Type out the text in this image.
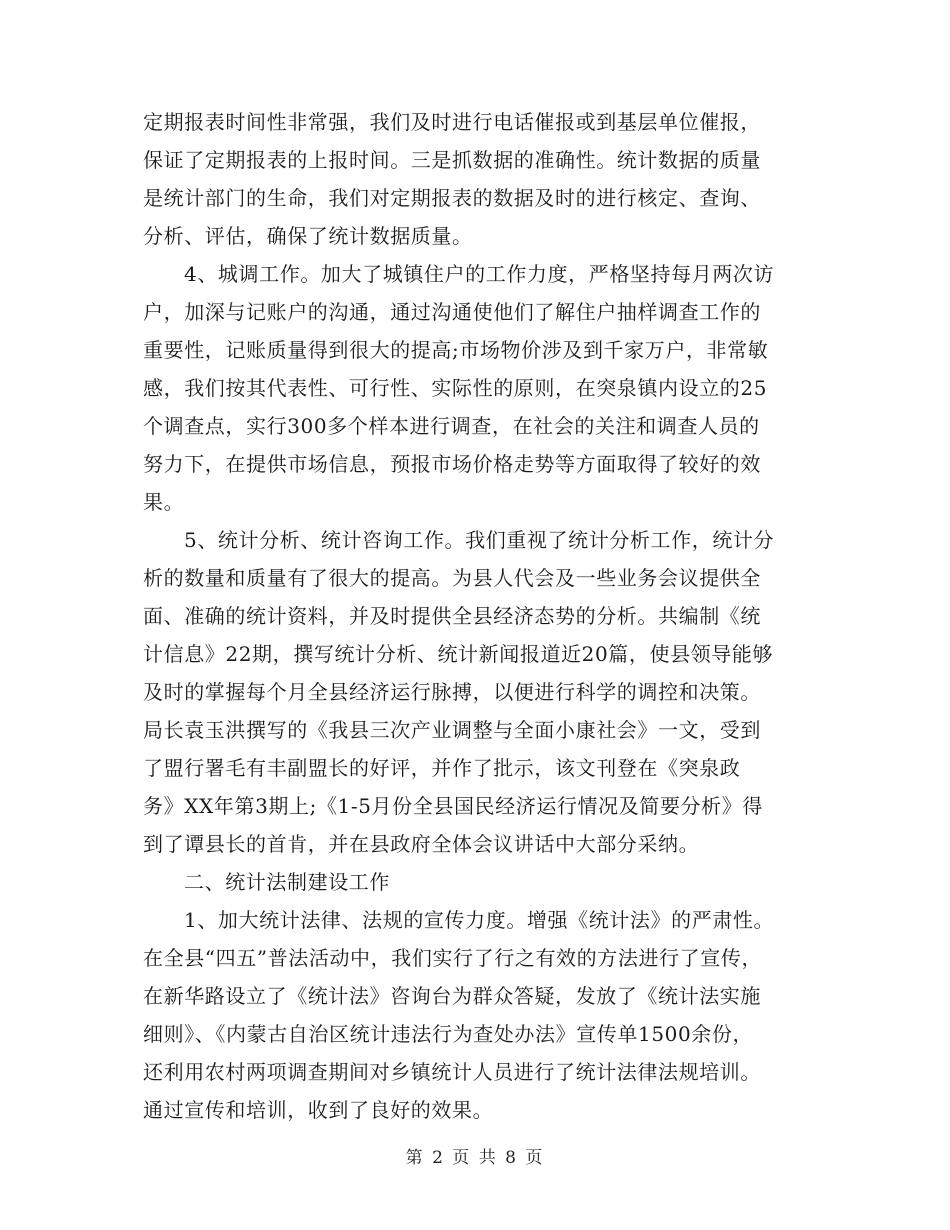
定期报表时间性非常强，我们及时进行电话催报或到基层单位催报，
保证了定期报表的上报时间。三是抓数据的准确性。统计数据的质量
是统计部门的生命，我们对定期报表的数据及时的进行核定、查询、
分析、评估，确保了统计数据质量。
4、城调工作。加大了城镇住户的工作力度，严格坚持每月两次访
户，加深与记账户的沟通，通过沟通使他们了解住户抽样调查工作的
重要性，记账质量得到很大的提高;市场物价涉及到千家万户，非常敏
感，我们按其代表性、可行性、实际性的原则，在突泉镇内设立的25
个调查点，实行300多个样本进行调查，在社会的关注和调查人员的
努力下，在提供市场信息，预报市场价格走势等方面取得了较好的效
果。
5、统计分析、统计咨询工作。我们重视了统计分析工作，统计分
析的数量和质量有了很大的提高。为县人代会及一些业务会议提供全
面、准确的统计资料，并及时提供全县经济态势的分析。共编制《统
计信息》22期，撰写统计分析、统计新闻报道近20篇，使县领导能够
及时的掌握每个月全县经济运行脉搏，以便进行科学的调控和决策。
局长袁玉洪撰写的《我县三次产业调整与全面小康社会》一文，受到
了盟行署毛有丰副盟长的好评，并作了批示，该文刊登在《突泉政
务》XX年第3期上;《1-5月份全县国民经济运行情况及简要分析》得
到了谭县长的首肯，并在县政府全体会议讲话中大部分采纳。
二、统计法制建设工作
1、加大统计法律、法规的宣传力度。增强《统计法》的严肃性。
在全县“四五”普法活动中，我们实行了行之有效的方法进行了宣传，
在新华路设立了《统计法》咨询台为群众答疑，发放了《统计法实施
细则》、《内蒙古自治区统计违法行为查处办法》宣传单1500余份，
还利用农村两项调查期间对乡镇统计人员进行了统计法律法规培训。
通过宣传和培训，收到了良好的效果。
第 2 页 共 8 页
